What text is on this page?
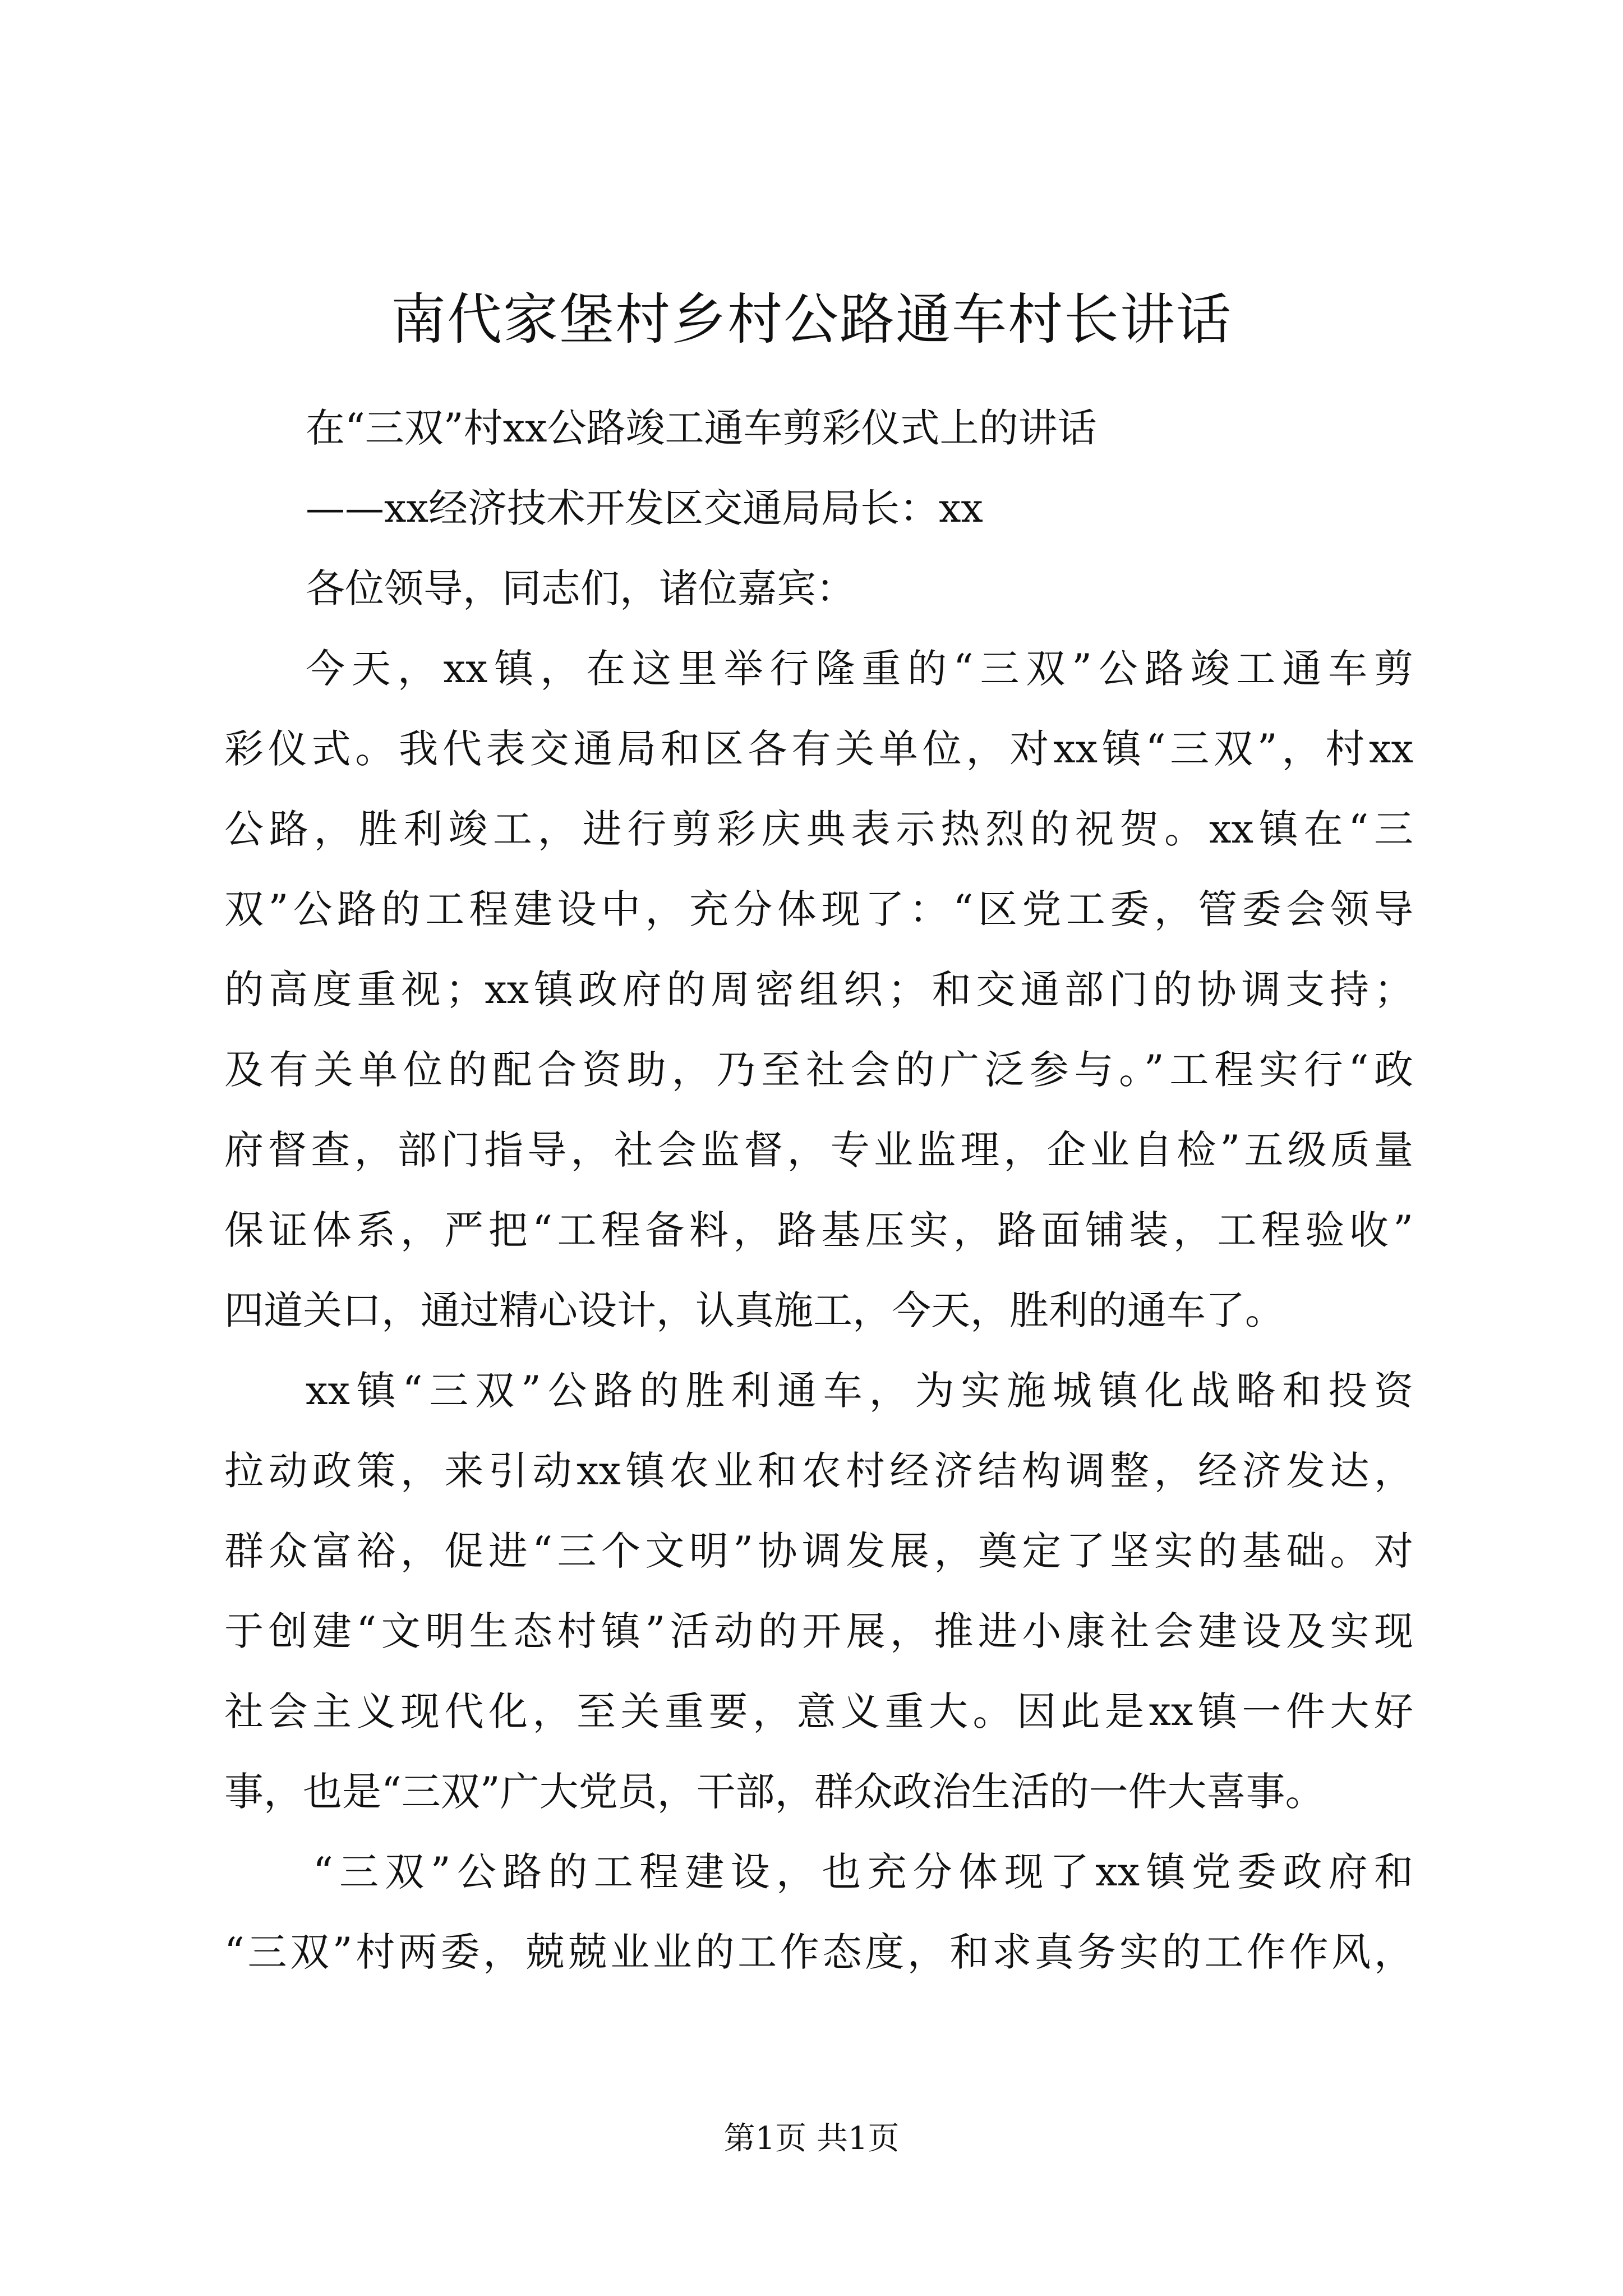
南代家堡村乡村公路通车村长讲话
在“三双”村xx公路竣工通车剪彩仪式上的讲话
——xx经济技术开发区交通局局长：xx
各位领导，同志们，诸位嘉宾：
今天，xx镇，在这里举行隆重的“三双”公路竣工通车剪
彩仪式。我代表交通局和区各有关单位，对xx镇“三双”，村xx
公路，胜利竣工，进行剪彩庆典表示热烈的祝贺。xx镇在“三
双”公路的工程建设中，充分体现了：“区党工委，管委会领导
的高度重视；xx镇政府的周密组织；和交通部门的协调支持；
及有关单位的配合资助，乃至社会的广泛参与。”工程实行“政
府督查，部门指导，社会监督，专业监理，企业自检”五级质量
保证体系，严把“工程备料，路基压实，路面铺装，工程验收”
四道关口，通过精心设计，认真施工，今天，胜利的通车了。
xx镇“三双”公路的胜利通车，为实施城镇化战略和投资
拉动政策，来引动xx镇农业和农村经济结构调整，经济发达，
群众富裕，促进“三个文明”协调发展，奠定了坚实的基础。对
于创建“文明生态村镇”活动的开展，推进小康社会建设及实现
社会主义现代化，至关重要，意义重大。因此是xx镇一件大好
事，也是“三双”广大党员，干部，群众政治生活的一件大喜事。
“三双”公路的工程建设，也充分体现了xx镇党委政府和
“三双”村两委，兢兢业业的工作态度，和求真务实的工作作风，
第1页 共1页
